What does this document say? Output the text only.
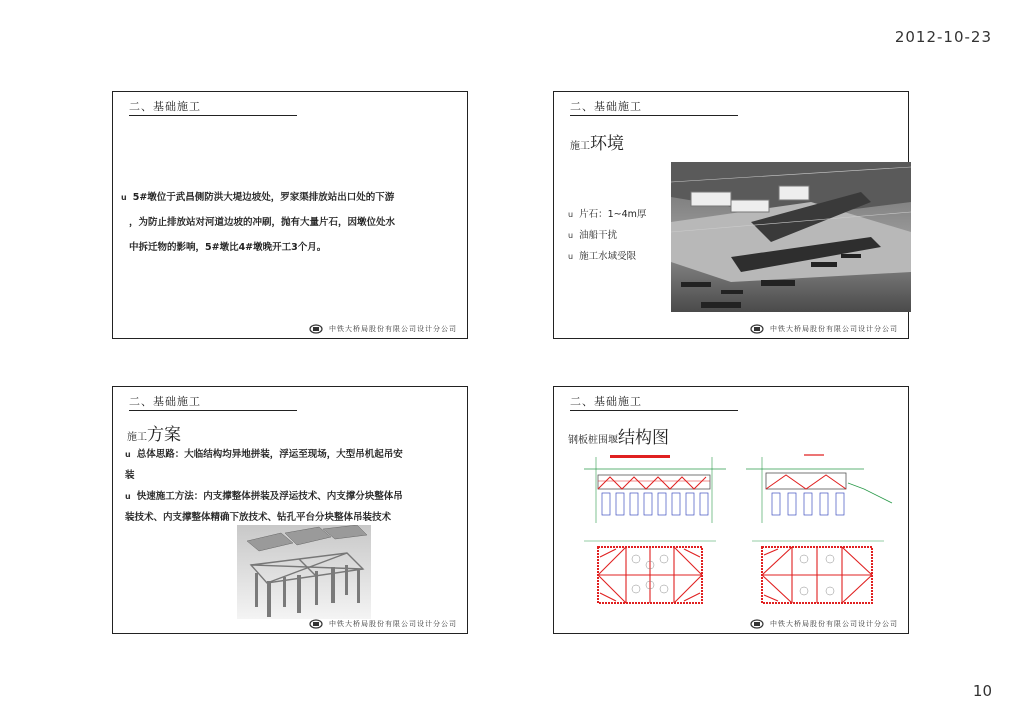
2012-10-23
二、基础施工
u 5#墩位于武昌侧防洪大堤边坡处，罗家渠排放站出口处的下游
，为防止排放站对河道边坡的冲刷，抛有大量片石，因墩位处水
中拆迁物的影响，5#墩比4#墩晚开工3个月。
中铁大桥局股份有限公司设计分公司
二、基础施工
施工环境
u 片石：1~4m厚
u 油船干扰
u 施工水域受限
中铁大桥局股份有限公司设计分公司
二、基础施工
施工方案
u 总体思路：大临结构均异地拼装，浮运至现场，大型吊机起吊安
装
u 快速施工方法：内支撑整体拼装及浮运技术、内支撑分块整体吊
装技术、内支撑整体精确下放技术、钻孔平台分块整体吊装技术
中铁大桥局股份有限公司设计分公司
二、基础施工
钢板桩围堰结构图
中铁大桥局股份有限公司设计分公司
10
